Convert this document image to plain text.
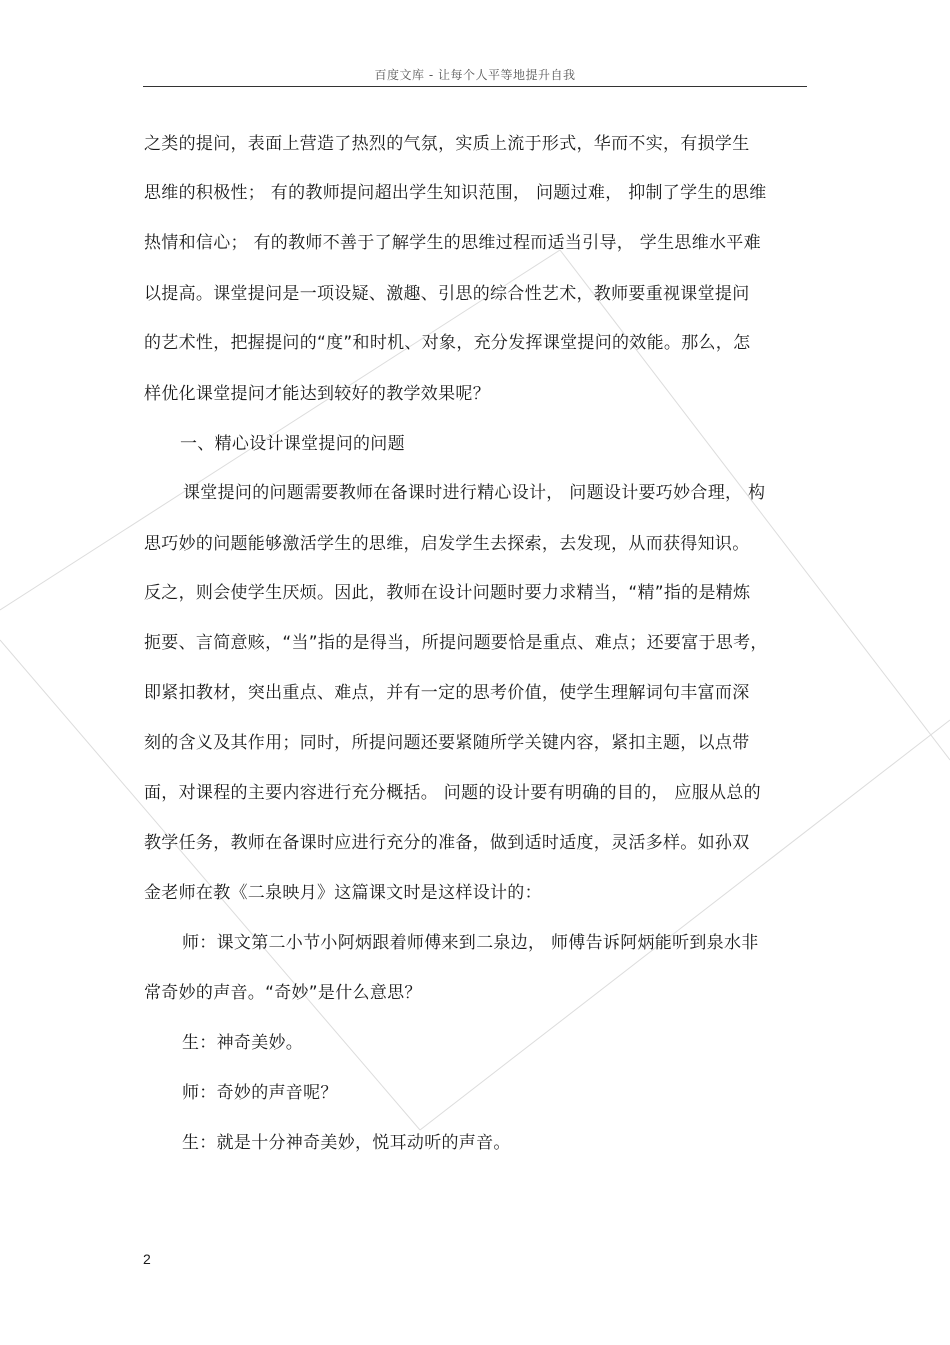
百度文库 - 让每个人平等地提升自我
之类的提问，表面上营造了热烈的气氛，实质上流于形式，华而不实，有损学生
思维的积极性； 有的教师提问超出学生知识范围， 问题过难， 抑制了学生的思维
热情和信心； 有的教师不善于了解学生的思维过程而适当引导， 学生思维水平难
以提高。课堂提问是一项设疑、激趣、引思的综合性艺术，教师要重视课堂提问
的艺术性，把握提问的“度”和时机、对象，充分发挥课堂提问的效能。那么，怎
样优化课堂提问才能达到较好的教学效果呢？
一、精心设计课堂提问的问题
课堂提问的问题需要教师在备课时进行精心设计， 问题设计要巧妙合理， 构
思巧妙的问题能够激活学生的思维，启发学生去探索，去发现，从而获得知识。
反之，则会使学生厌烦。因此，教师在设计问题时要力求精当，“精”指的是精炼
扼要、言简意赅，“当”指的是得当，所提问题要恰是重点、难点；还要富于思考，
即紧扣教材，突出重点、难点，并有一定的思考价值，使学生理解词句丰富而深
刻的含义及其作用；同时，所提问题还要紧随所学关键内容，紧扣主题，以点带
面，对课程的主要内容进行充分概括。 问题的设计要有明确的目的， 应服从总的
教学任务，教师在备课时应进行充分的准备，做到适时适度，灵活多样。如孙双
金老师在教《二泉映月》这篇课文时是这样设计的：
师：课文第二小节小阿炳跟着师傅来到二泉边， 师傅告诉阿炳能听到泉水非
常奇妙的声音。“奇妙”是什么意思？
生：神奇美妙。
师：奇妙的声音呢？
生：就是十分神奇美妙，悦耳动听的声音。
2
